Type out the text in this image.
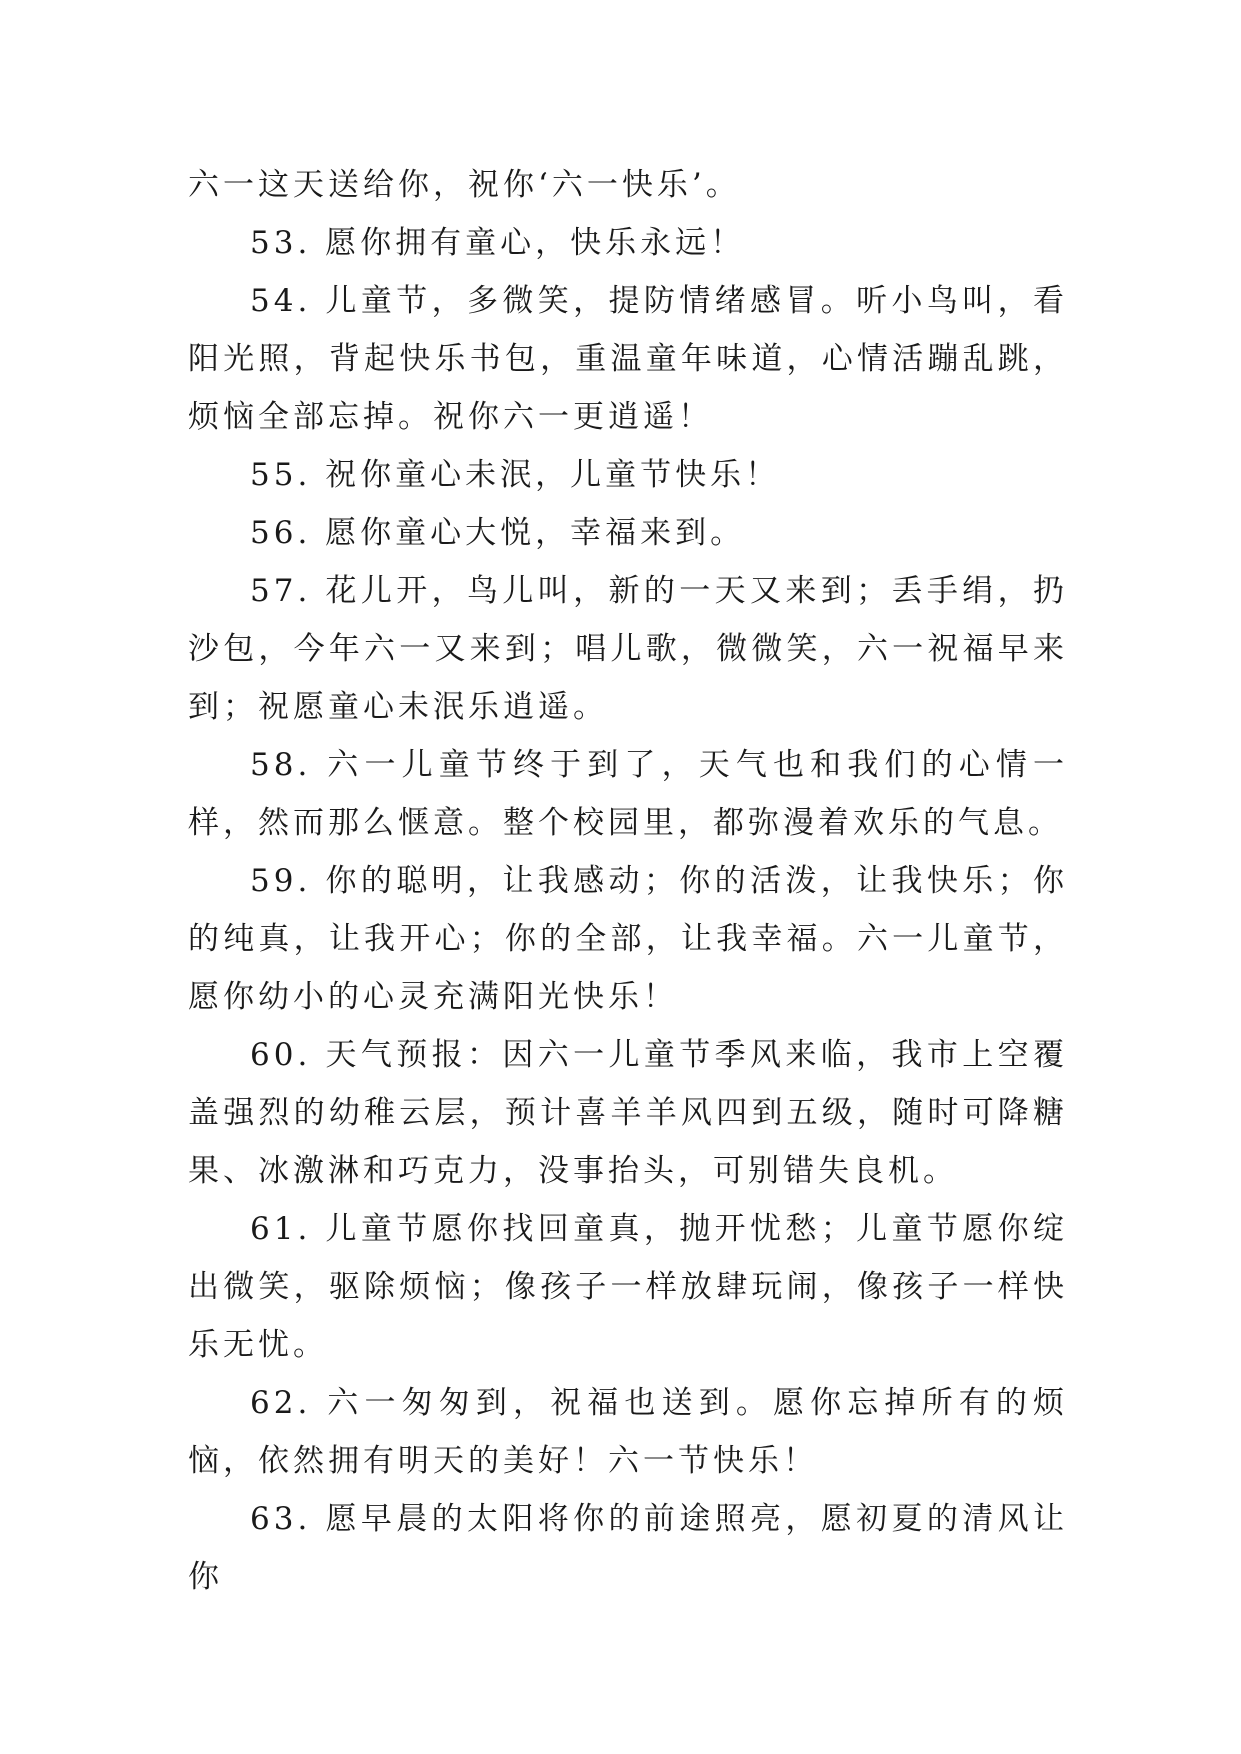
六一这天送给你，祝你‘六一快乐’。

53. 愿你拥有童心，快乐永远！

54. 儿童节，多微笑，提防情绪感冒。听小鸟叫，看阳光照，背起快乐书包，重温童年味道，心情活蹦乱跳，烦恼全部忘掉。祝你六一更逍遥！

55. 祝你童心未泯，儿童节快乐！

56. 愿你童心大悦，幸福来到。

57. 花儿开，鸟儿叫，新的一天又来到；丢手绢，扔沙包，今年六一又来到；唱儿歌，微微笑，六一祝福早来到；祝愿童心未泯乐逍遥。

58. 六一儿童节终于到了，天气也和我们的心情一样，然而那么惬意。整个校园里，都弥漫着欢乐的气息。

59. 你的聪明，让我感动；你的活泼，让我快乐；你的纯真，让我开心；你的全部，让我幸福。六一儿童节，愿你幼小的心灵充满阳光快乐！

60. 天气预报：因六一儿童节季风来临，我市上空覆盖强烈的幼稚云层，预计喜羊羊风四到五级，随时可降糖果、冰激淋和巧克力，没事抬头，可别错失良机。

61. 儿童节愿你找回童真，抛开忧愁；儿童节愿你绽出微笑，驱除烦恼；像孩子一样放肆玩闹，像孩子一样快乐无忧。

62. 六一匆匆到，祝福也送到。愿你忘掉所有的烦恼，依然拥有明天的美好！六一节快乐！

63. 愿早晨的太阳将你的前途照亮，愿初夏的清风让你
